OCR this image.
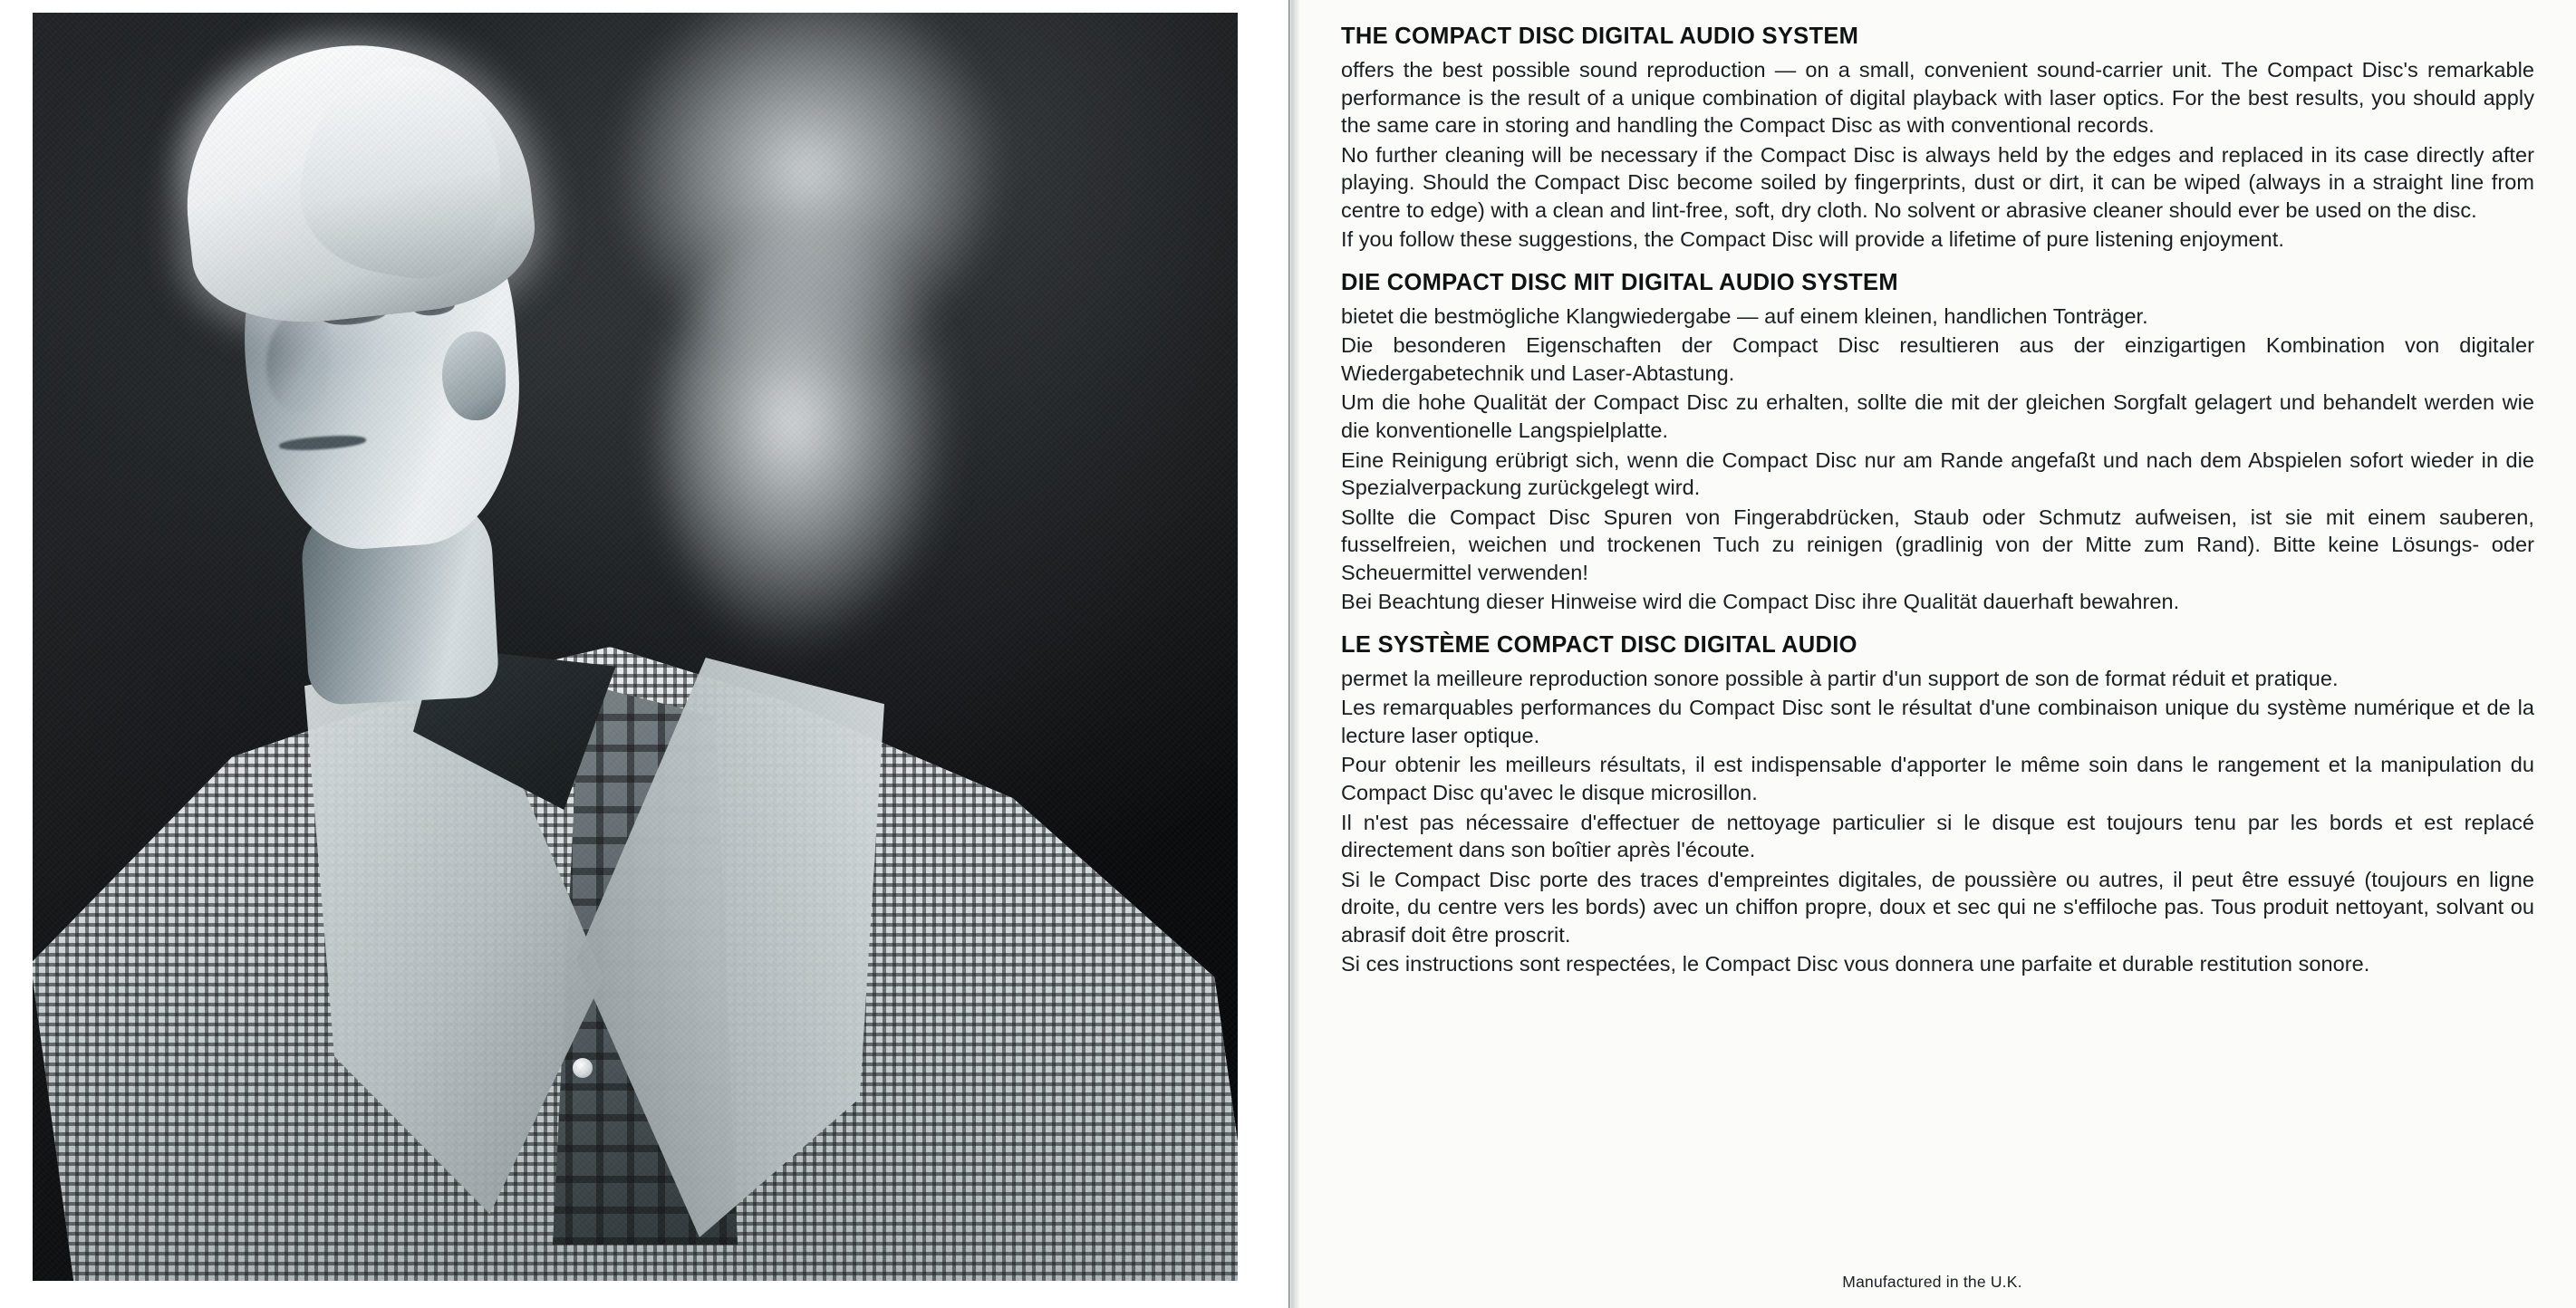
THE COMPACT DISC DIGITAL AUDIO SYSTEM

offers the best possible sound reproduction — on a small, convenient sound-carrier unit. The Compact Disc's remarkable performance is the result of a unique combination of digital playback with laser optics. For the best results, you should apply the same care in storing and handling the Compact Disc as with conventional records.

No further cleaning will be necessary if the Compact Disc is always held by the edges and replaced in its case directly after playing. Should the Compact Disc become soiled by fingerprints, dust or dirt, it can be wiped (always in a straight line from centre to edge) with a clean and lint-free, soft, dry cloth. No solvent or abrasive cleaner should ever be used on the disc.

If you follow these suggestions, the Compact Disc will provide a lifetime of pure listening enjoyment.

DIE COMPACT DISC MIT DIGITAL AUDIO SYSTEM

bietet die bestmögliche Klangwiedergabe — auf einem kleinen, handlichen Tonträger.

Die besonderen Eigenschaften der Compact Disc resultieren aus der einzigartigen Kombination von digitaler Wiedergabetechnik und Laser-Abtastung.

Um die hohe Qualität der Compact Disc zu erhalten, sollte die mit der gleichen Sorgfalt gelagert und behandelt werden wie die konventionelle Langspielplatte.

Eine Reinigung erübrigt sich, wenn die Compact Disc nur am Rande angefaßt und nach dem Abspielen sofort wieder in die Spezialverpackung zurückgelegt wird.

Sollte die Compact Disc Spuren von Fingerabdrücken, Staub oder Schmutz aufweisen, ist sie mit einem sauberen, fusselfreien, weichen und trockenen Tuch zu reinigen (gradlinig von der Mitte zum Rand). Bitte keine Lösungs- oder Scheuermittel verwenden!

Bei Beachtung dieser Hinweise wird die Compact Disc ihre Qualität dauerhaft bewahren.

LE SYSTÈME COMPACT DISC DIGITAL AUDIO

permet la meilleure reproduction sonore possible à partir d'un support de son de format réduit et pratique.

Les remarquables performances du Compact Disc sont le résultat d'une combinaison unique du système numérique et de la lecture laser optique.

Pour obtenir les meilleurs résultats, il est indispensable d'apporter le même soin dans le rangement et la manipulation du Compact Disc qu'avec le disque microsillon.

Il n'est pas nécessaire d'effectuer de nettoyage particulier si le disque est toujours tenu par les bords et est replacé directement dans son boîtier après l'écoute.

Si le Compact Disc porte des traces d'empreintes digitales, de poussière ou autres, il peut être essuyé (toujours en ligne droite, du centre vers les bords) avec un chiffon propre, doux et sec qui ne s'effiloche pas. Tous produit nettoyant, solvant ou abrasif doit être proscrit.

Si ces instructions sont respectées, le Compact Disc vous donnera une parfaite et durable restitution sonore.

Manufactured in the U.K.
